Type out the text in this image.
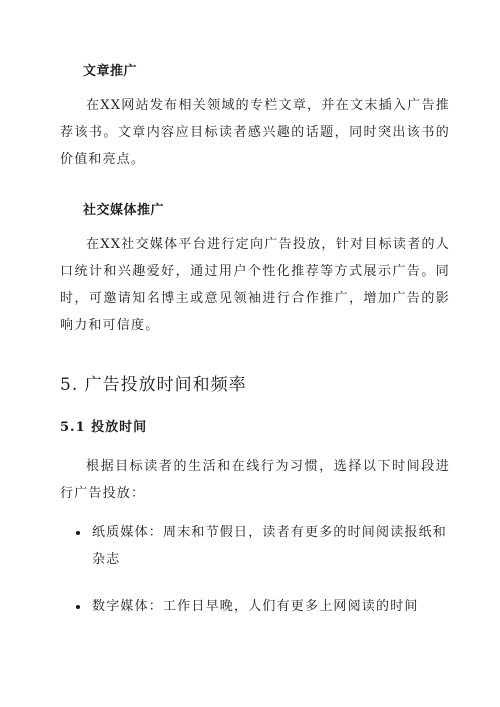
文章推广
在XX网站发布相关领域的专栏文章，并在文末插入广告推荐该书。文章内容应目标读者感兴趣的话题，同时突出该书的价值和亮点。
社交媒体推广
在XX社交媒体平台进行定向广告投放，针对目标读者的人口统计和兴趣爱好，通过用户个性化推荐等方式展示广告。同时，可邀请知名博主或意见领袖进行合作推广，增加广告的影响力和可信度。
5. 广告投放时间和频率
5.1 投放时间
根据目标读者的生活和在线行为习惯，选择以下时间段进行广告投放：
纸质媒体：周末和节假日，读者有更多的时间阅读报纸和杂志
数字媒体：工作日早晚，人们有更多上网阅读的时间
